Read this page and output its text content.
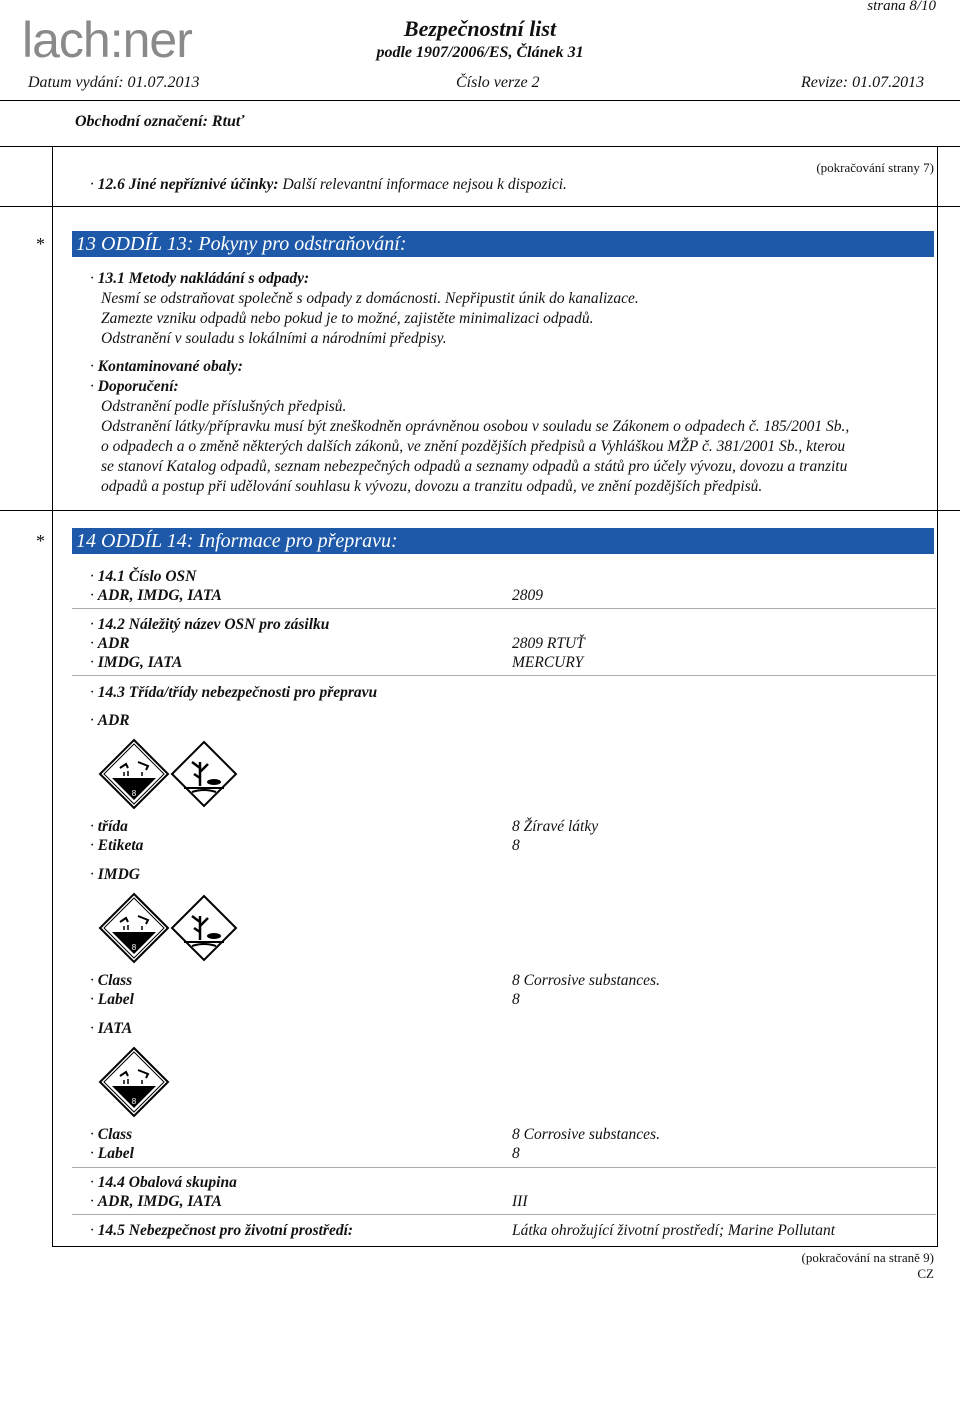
lach:ner
strana 8/10
Bezpečnostní list
podle 1907/2006/ES, Článek 31
Datum vydání: 01.07.2013	Číslo verze 2	Revize: 01.07.2013
Obchodní označení: Rtuť
(pokračování strany 7)
· 12.6 Jiné nepříznivé účinky: Další relevantní informace nejsou k dispozici.
* 13 ODDÍL 13: Pokyny pro odstraňování:
· 13.1 Metody nakládání s odpady:
Nesmí se odstraňovat společně s odpady z domácnosti. Nepřipustit únik do kanalizace.
Zamezte vzniku odpadů nebo pokud je to možné, zajistěte minimalizaci odpadů.
Odstranění v souladu s lokálními a národními předpisy.
· Kontaminované obaly:
· Doporučení:
Odstranění podle příslušných předpisů.
Odstranění látky/přípravku musí být zneškodněn oprávněnou osobou v souladu se Zákonem o odpadech č. 185/2001 Sb.,
o odpadech a o změně některých dalších zákonů, ve znění pozdějších předpisů a Vyhláškou MŽP č. 381/2001 Sb., kterou
se stanoví Katalog odpadů, seznam nebezpečných odpadů a seznamy odpadů a států pro účely vývozu, dovozu a tranzitu
odpadů a postup při udělování souhlasu k vývozu, dovozu a tranzitu odpadů, ve znění pozdějších předpisů.
* 14 ODDÍL 14: Informace pro přepravu:
· 14.1 Číslo OSN
· ADR, IMDG, IATA	2809
· 14.2 Náležitý název OSN pro zásilku
· ADR	2809 RTUŤ
· IMDG, IATA	MERCURY
· 14.3 Třída/třídy nebezpečnosti pro přepravu
· ADR
8
· třída	8 Žíravé látky
· Etiketa	8
· IMDG
8
· Class	8 Corrosive substances.
· Label	8
· IATA
8
· Class	8 Corrosive substances.
· Label	8
· 14.4 Obalová skupina
· ADR, IMDG, IATA	III
· 14.5 Nebezpečnost pro životní prostředí:	Látka ohrožující životní prostředí; Marine Pollutant
(pokračování na straně 9)
CZ
